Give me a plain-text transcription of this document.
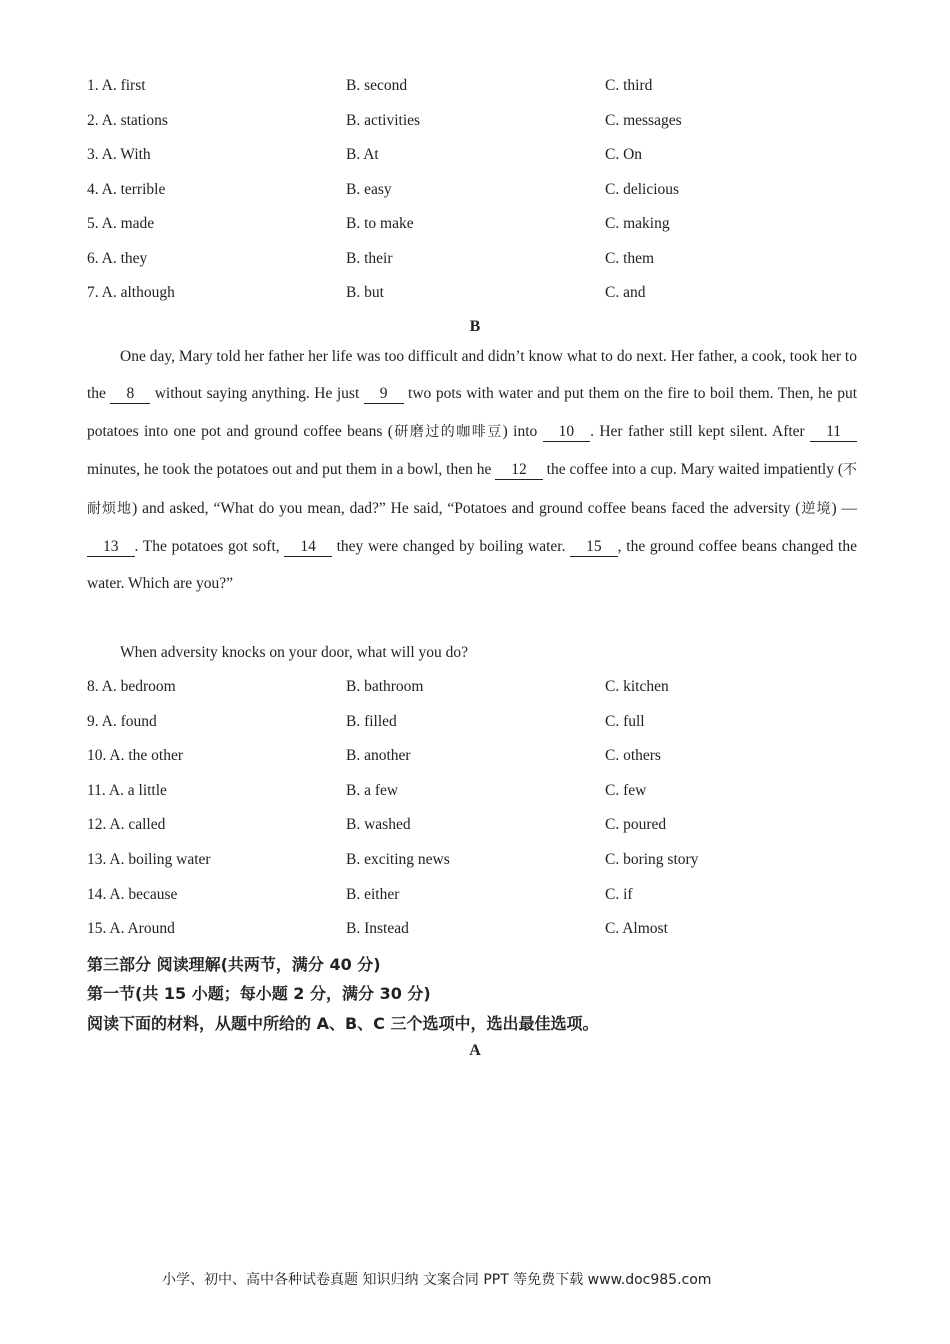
1. A. first	B. second	C. third
2. A. stations	B. activities	C. messages
3. A. With	B. At	C. On
4. A. terrible	B. easy	C. delicious
5. A. made	B. to make	C. making
6. A. they	B. their	C. them
7. A. although	B. but	C. and
B

One day, Mary told her father her life was too difficult and didn’t know what to do next. Her father, a cook, took her to the 8 without saying anything. He just 9 two pots with water and put them on the fire to boil them. Then, he put potatoes into one pot and ground coffee beans (研磨过的咖啡豆) into 10 . Her father still kept silent. After 11 minutes, he took the potatoes out and put them in a bowl, then he 12 the coffee into a cup. Mary waited impatiently (不耐烦地) and asked, “What do you mean, dad?” He said, “Potatoes and ground coffee beans faced the adversity (逆境) — 13 . The potatoes got soft, 14 they were changed by boiling water. 15 , the ground coffee beans changed the water. Which are you?”

When adversity knocks on your door, what will you do?

8. A. bedroom	B. bathroom	C. kitchen
9. A. found	B. filled	C. full
10. A. the other	B. another	C. others
11. A. a little	B. a few	C. few
12. A. called	B. washed	C. poured
13. A. boiling water	B. exciting news	C. boring story
14. A. because	B. either	C. if
15. A. Around	B. Instead	C. Almost
第三部分 阅读理解(共两节，满分 40 分)
第一节(共 15 小题；每小题 2 分，满分 30 分)
阅读下面的材料，从题中所给的 A、B、C 三个选项中，选出最佳选项。
A
小学、初中、高中各种试卷真题 知识归纳 文案合同 PPT 等免费下载 www.doc985.com
